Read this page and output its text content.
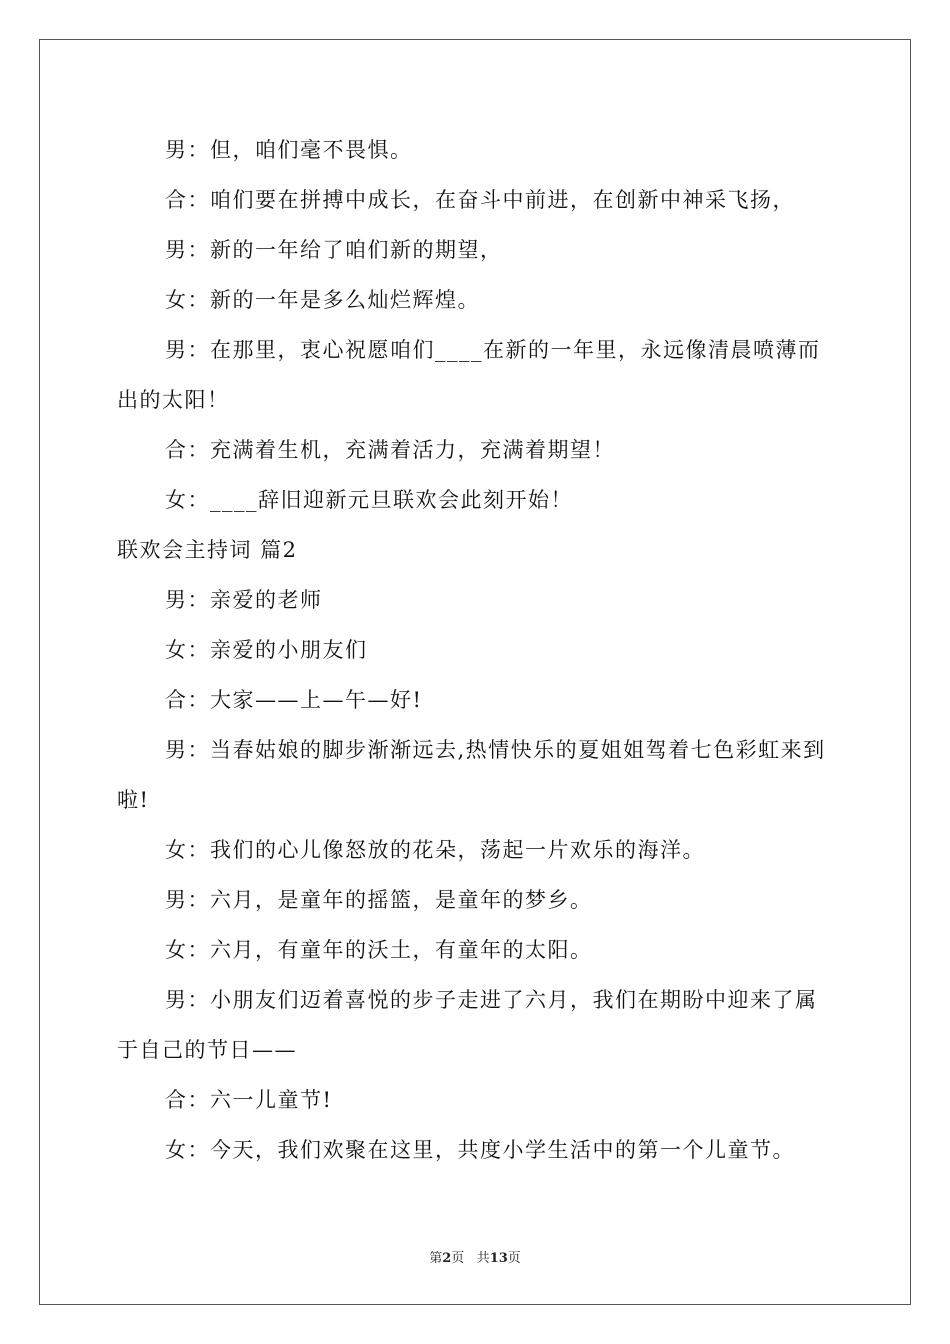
男：但，咱们毫不畏惧。

合：咱们要在拼搏中成长，在奋斗中前进，在创新中神采飞扬，

男：新的一年给了咱们新的期望，

女：新的一年是多么灿烂辉煌。

男：在那里，衷心祝愿咱们____在新的一年里，永远像清晨喷薄而出的太阳！

合：充满着生机，充满着活力，充满着期望！

女：____辞旧迎新元旦联欢会此刻开始！

联欢会主持词 篇2

男：亲爱的老师

女：亲爱的小朋友们

合：大家——上—午—好!

男：当春姑娘的脚步渐渐远去,热情快乐的夏姐姐驾着七色彩虹来到啦!

女：我们的心儿像怒放的花朵，荡起一片欢乐的海洋。

男：六月，是童年的摇篮，是童年的梦乡。

女：六月，有童年的沃土，有童年的太阳。

男：小朋友们迈着喜悦的步子走进了六月，我们在期盼中迎来了属于自己的节日——

合：六一儿童节!

女：今天，我们欢聚在这里，共度小学生活中的第一个儿童节。

第2页 共13页
